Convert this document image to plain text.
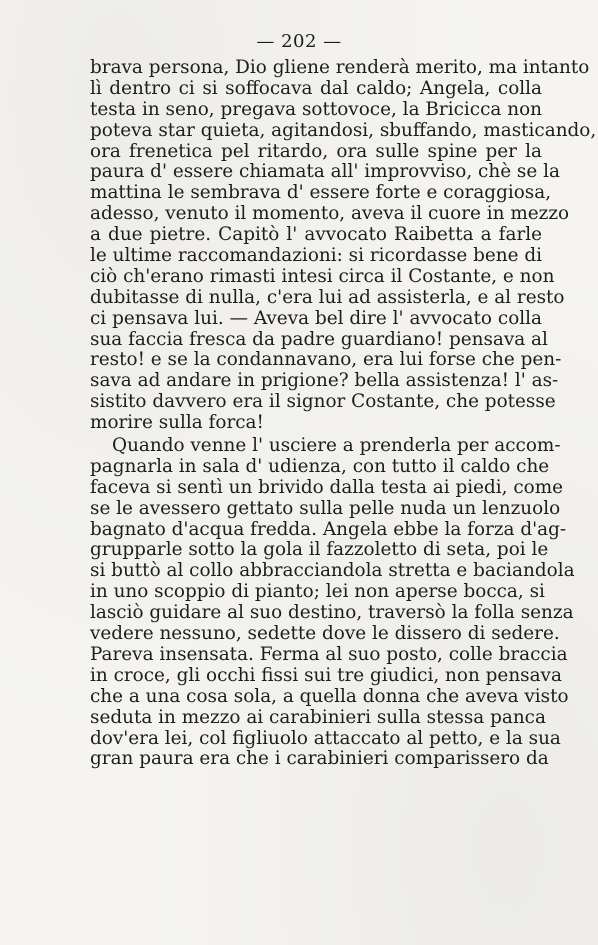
— 202 —
brava persona, Dio gliene renderà merito, ma intanto
lì dentro ci si soffocava dal caldo; Angela, colla
testa in seno, pregava sottovoce, la Bricicca non
poteva star quieta, agitandosi, sbuffando, masticando,
ora frenetica pel ritardo, ora sulle spine per la
paura d' essere chiamata all' improvviso, chè se la
mattina le sembrava d' essere forte e coraggiosa,
adesso, venuto il momento, aveva il cuore in mezzo
a due pietre. Capitò l' avvocato Raibetta a farle
le ultime raccomandazioni: si ricordasse bene di
ciò ch'erano rimasti intesi circa il Costante, e non
dubitasse di nulla, c'era lui ad assisterla, e al resto
ci pensava lui. — Aveva bel dire l' avvocato colla
sua faccia fresca da padre guardiano! pensava al
resto! e se la condannavano, era lui forse che pen-
sava ad andare in prigione? bella assistenza! l' as-
sistito davvero era il signor Costante, che potesse
morire sulla forca!
Quando venne l' usciere a prenderla per accom-
pagnarla in sala d' udienza, con tutto il caldo che
faceva si sentì un brivido dalla testa ai piedi, come
se le avessero gettato sulla pelle nuda un lenzuolo
bagnato d'acqua fredda. Angela ebbe la forza d'ag-
grupparle sotto la gola il fazzoletto di seta, poi le
si buttò al collo abbracciandola stretta e baciandola
in uno scoppio di pianto; lei non aperse bocca, si
lasciò guidare al suo destino, traversò la folla senza
vedere nessuno, sedette dove le dissero di sedere.
Pareva insensata. Ferma al suo posto, colle braccia
in croce, gli occhi fissi sui tre giudici, non pensava
che a una cosa sola, a quella donna che aveva visto
seduta in mezzo ai carabinieri sulla stessa panca
dov'era lei, col figliuolo attaccato al petto, e la sua
gran paura era che i carabinieri comparissero da
